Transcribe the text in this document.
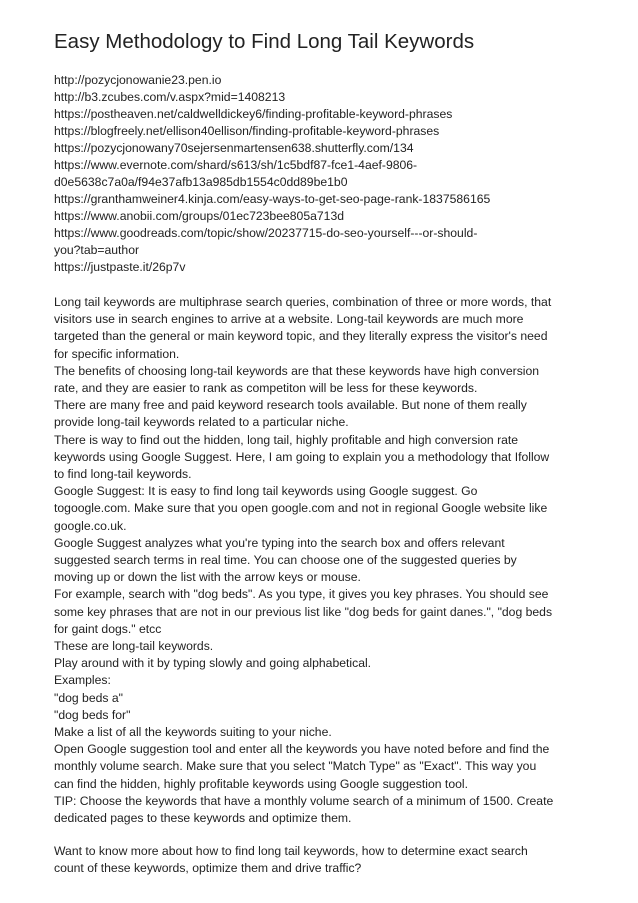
Easy Methodology to Find Long Tail Keywords
http://pozycjonowanie23.pen.io
http://b3.zcubes.com/v.aspx?mid=1408213
https://postheaven.net/caldwelldickey6/finding-profitable-keyword-phrases
https://blogfreely.net/ellison40ellison/finding-profitable-keyword-phrases
https://pozycjonowany70sejersenmartensen638.shutterfly.com/134
https://www.evernote.com/shard/s613/sh/1c5bdf87-fce1-4aef-9806-
d0e5638c7a0a/f94e37afb13a985db1554c0dd89be1b0
https://granthamweiner4.kinja.com/easy-ways-to-get-seo-page-rank-1837586165
https://www.anobii.com/groups/01ec723bee805a713d
https://www.goodreads.com/topic/show/20237715-do-seo-yourself---or-should-
you?tab=author
https://justpaste.it/26p7v
Long tail keywords are multiphrase search queries, combination of three or more words, that
visitors use in search engines to arrive at a website. Long-tail keywords are much more
targeted than the general or main keyword topic, and they literally express the visitor's need
for specific information.
The benefits of choosing long-tail keywords are that these keywords have high conversion
rate, and they are easier to rank as competiton will be less for these keywords.
There are many free and paid keyword research tools available. But none of them really
provide long-tail keywords related to a particular niche.
There is way to find out the hidden, long tail, highly profitable and high conversion rate
keywords using Google Suggest. Here, I am going to explain you a methodology that Ifollow
to find long-tail keywords.
Google Suggest: It is easy to find long tail keywords using Google suggest. Go
togoogle.com. Make sure that you open google.com and not in regional Google website like
google.co.uk.
Google Suggest analyzes what you're typing into the search box and offers relevant
suggested search terms in real time. You can choose one of the suggested queries by
moving up or down the list with the arrow keys or mouse.
For example, search with "dog beds". As you type, it gives you key phrases. You should see
some key phrases that are not in our previous list like "dog beds for gaint danes.", "dog beds
for gaint dogs." etcc
These are long-tail keywords.
Play around with it by typing slowly and going alphabetical.
Examples:
"dog beds a"
"dog beds for"
Make a list of all the keywords suiting to your niche.
Open Google suggestion tool and enter all the keywords you have noted before and find the
monthly volume search. Make sure that you select "Match Type" as "Exact". This way you
can find the hidden, highly profitable keywords using Google suggestion tool.
TIP: Choose the keywords that have a monthly volume search of a minimum of 1500. Create
dedicated pages to these keywords and optimize them.
Want to know more about how to find long tail keywords, how to determine exact search
count of these keywords, optimize them and drive traffic?
